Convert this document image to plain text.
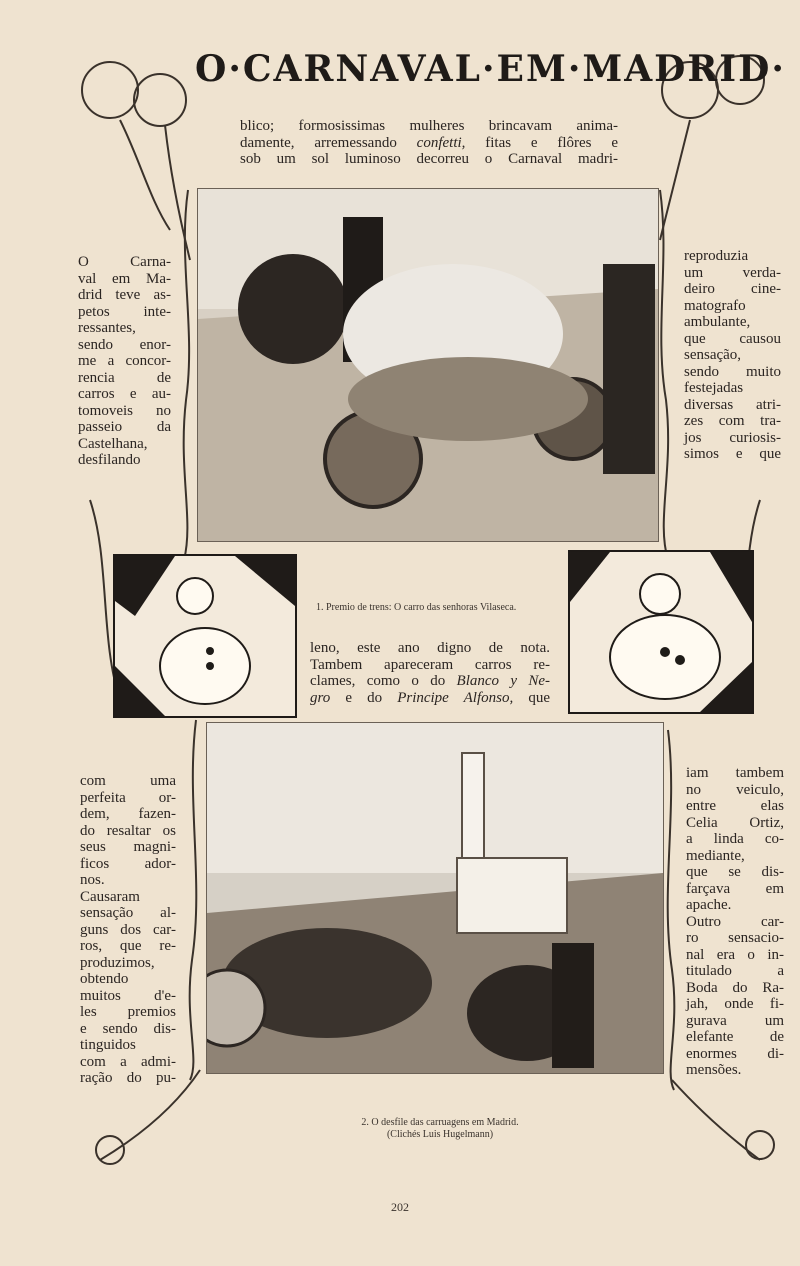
O·CARNAVAL·EM·MADRID·
blico; formosissimas mulheres brincavam anima-
damente, arremessando confetti, fitas e flôres e
sob um sol luminoso decorreu o Carnaval madri-
O Carna-
val em Ma-
drid teve as-
petos inte-
ressantes,
sendo enor-
me a concor-
rencia de
carros e au-
tomoveis no
passeio da
Castelhana,
desfilando
reproduzia
um verda-
deiro cine-
matografo
ambulante,
que causou
sensação,
sendo muito
festejadas
diversas atri-
zes com tra-
jos curiosis-
simos e que
1. Premio de trens: O carro das senhoras Vilaseca.
leno, este ano digno de nota.
Tambem apareceram carros re-
clames, como o do Blanco y Ne-
gro e do Principe Alfonso, que
com uma
perfeita or-
dem, fazen-
do resaltar os
seus magni-
ficos ador-
nos.
Causaram
sensação al-
guns dos car-
ros, que re-
produzimos,
obtendo
muitos d'e-
les premios
e sendo dis-
tinguidos
com a admi-
ração do pu-
iam tambem
no veiculo,
entre elas
Celia Ortiz,
a linda co-
mediante,
que se dis-
farçava em
apache.
Outro car-
ro sensacio-
nal era o in-
titulado a
Boda do Ra-
jah, onde fi-
gurava um
elefante de
enormes di-
mensões.
2. O desfile das carruagens em Madrid.
(Clichés Luis Hugelmann)
202
